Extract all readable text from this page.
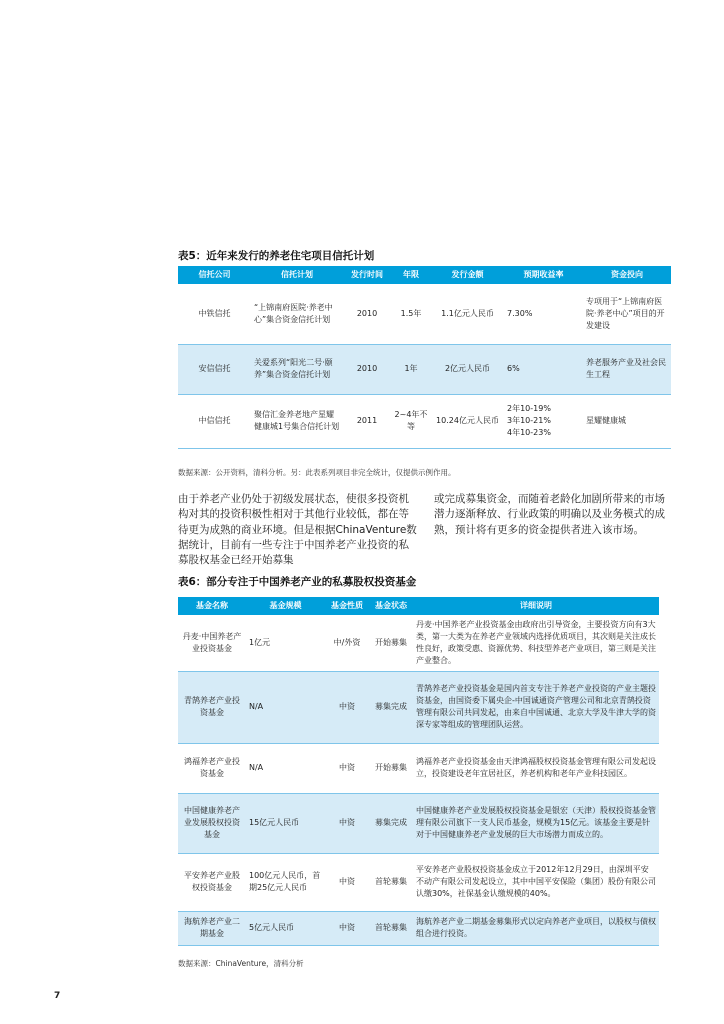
表5：近年来发行的养老住宅项目信托计划
信托公司	信托计划	发行时间	年限	发行金额	预期收益率	资金投向
中铁信托	“上锦南府医院·养老中心”集合资金信托计划	2010	1.5年	1.1亿元人民币	7.30%	专项用于“上锦南府医院·养老中心”项目的开发建设
安信信托	关爱系列“阳光二号·颐养”集合资金信托计划	2010	1年	2亿元人民币	6%	养老服务产业及社会民生工程
中信信托	聚信汇金养老地产星耀健康城1号集合信托计划	2011	2~4年不等	10.24亿元人民币	2年10-19%
3年10-21%
4年10-23%	星耀健康城
数据来源：公开资料，清科分析。另：此表系列项目非完全统计，仅提供示例作用。
由于养老产业仍处于初级发展状态，使很多投资机构对其的投资积极性相对于其他行业较低，都在等待更为成熟的商业环境。但是根据ChinaVenture数据统计，目前有一些专注于中国养老产业投资的私募股权基金已经开始募集
或完成募集资金，而随着老龄化加剧所带来的市场潜力逐渐释放、行业政策的明确以及业务模式的成熟，预计将有更多的资金提供者进入该市场。
表6：部分专注于中国养老产业的私募股权投资基金
基金名称	基金规模	基金性质	基金状态	详细说明
丹麦·中国养老产业投资基金	1亿元	中/外资	开始募集	丹麦·中国养老产业投资基金由政府出引导资金，主要投资方向有3大类，第一大类为在养老产业领域内选择优质项目，其次则是关注成长性良好，政策受惠、资源优势、科技型养老产业项目，第三则是关注产业整合。
青鹄养老产业投资基金	N/A	中资	募集完成	青鹄养老产业投资基金是国内首支专注于养老产业投资的产业主题投资基金，由国资委下属央企-中国诚通资产管理公司和北京青鹄投资管理有限公司共同发起，由来自中国诚通、北京大学及牛津大学的资深专家等组成的管理团队运营。
鸿福养老产业投资基金	N/A	中资	开始募集	鸿福养老产业投资基金由天津鸿福股权投资基金管理有限公司发起设立，投资建设老年宜居社区，养老机构和老年产业科技园区。
中国健康养老产业发展股权投资基金	15亿元人民币	中资	募集完成	中国健康养老产业发展股权投资基金是银宏（天津）股权投资基金管理有限公司旗下一支人民币基金，规模为15亿元。该基金主要是针对于中国健康养老产业发展的巨大市场潜力而成立的。
平安养老产业股权投资基金	100亿元人民币，首期25亿元人民币	中资	首轮募集	平安养老产业股权投资基金成立于2012年12月29日，由深圳平安不动产有限公司发起设立，其中中国平安保险（集团）股份有限公司认缴30%，社保基金认缴规模的40%。
海航养老产业二期基金	5亿元人民币	中资	首轮募集	海航养老产业二期基金募集形式以定向养老产业项目，以股权与债权组合进行投资。
数据来源：ChinaVenture，清科分析
7
